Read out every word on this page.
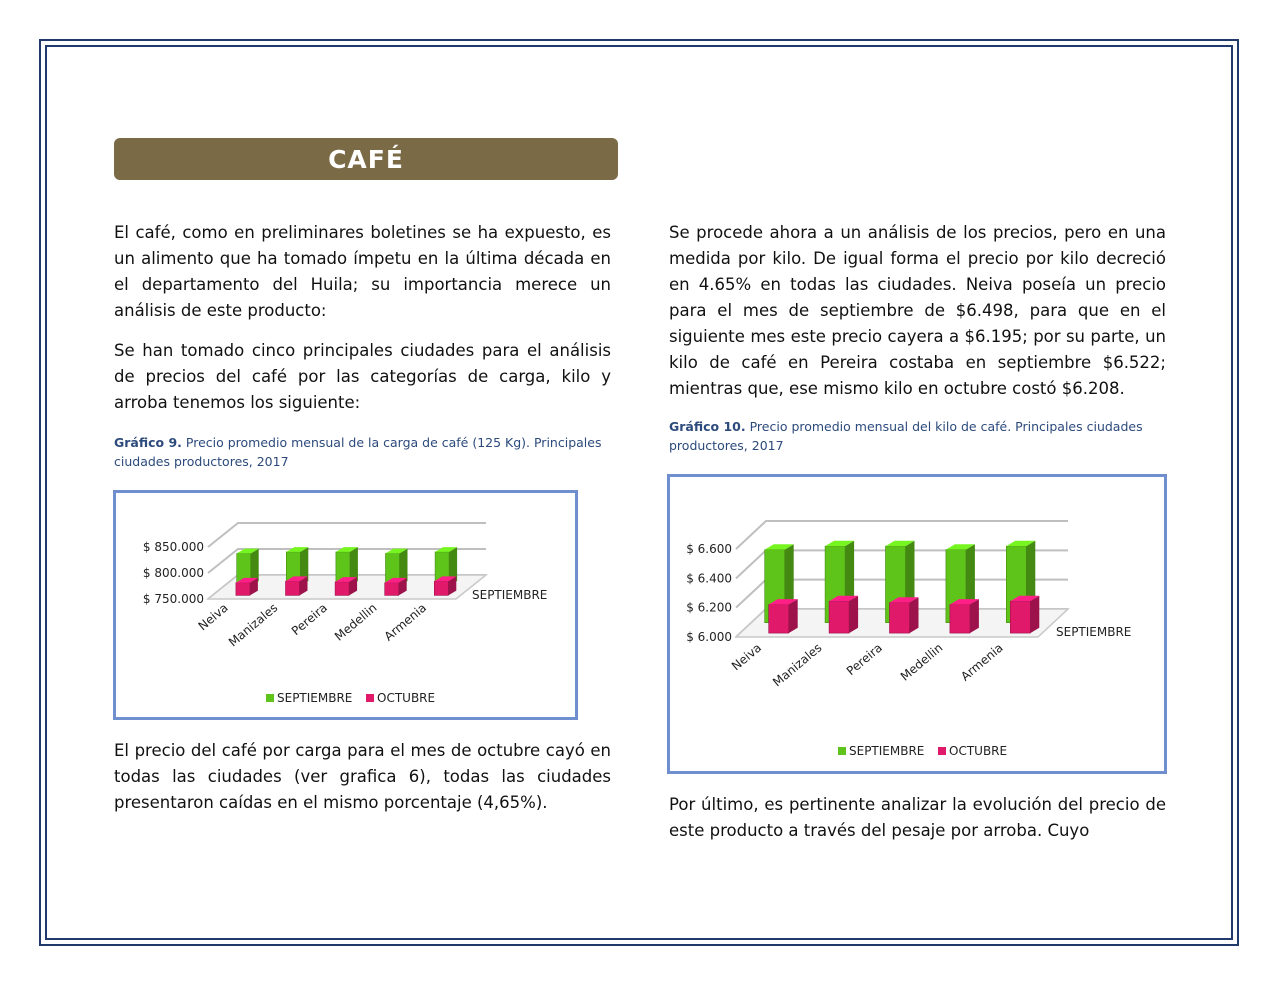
CAFÉ

El café, como en preliminares boletines se ha expuesto, es un alimento que ha tomado ímpetu en la última década en el departamento del Huila; su importancia merece un análisis de este producto:

Se han tomado cinco principales ciudades para el análisis de precios del café por las categorías de carga, kilo y arroba tenemos los siguiente:

Gráfico 9. Precio promedio mensual de la carga de café (125 Kg). Principales ciudades productores, 2017
$ 750.000
$ 800.000
$ 850.000
Neiva
Manizales Pereira Medellin Armenia
SEPTIEMBRE
SEPTIEMBRE OCTUBRE

El precio del café por carga para el mes de octubre cayó en todas las ciudades (ver grafica 6), todas las ciudades presentaron caídas en el mismo porcentaje (4,65%).

Se procede ahora a un análisis de los precios, pero en una medida por kilo. De igual forma el precio por kilo decreció en 4.65% en todas las ciudades. Neiva poseía un precio para el mes de septiembre de $6.498, para que en el siguiente mes este precio cayera a $6.195; por su parte, un kilo de café en Pereira costaba en septiembre $6.522; mientras que, ese mismo kilo en octubre costó $6.208.

Gráfico 10. Precio promedio mensual del kilo de café. Principales ciudades productores, 2017
$ 6.000
$ 6.200
$ 6.400
$ 6.600
Neiva Manizales Pereira Medellin Armenia
SEPTIEMBRE
SEPTIEMBRE OCTUBRE

Por último, es pertinente analizar la evolución del precio de este producto a través del pesaje por arroba. Cuyo
